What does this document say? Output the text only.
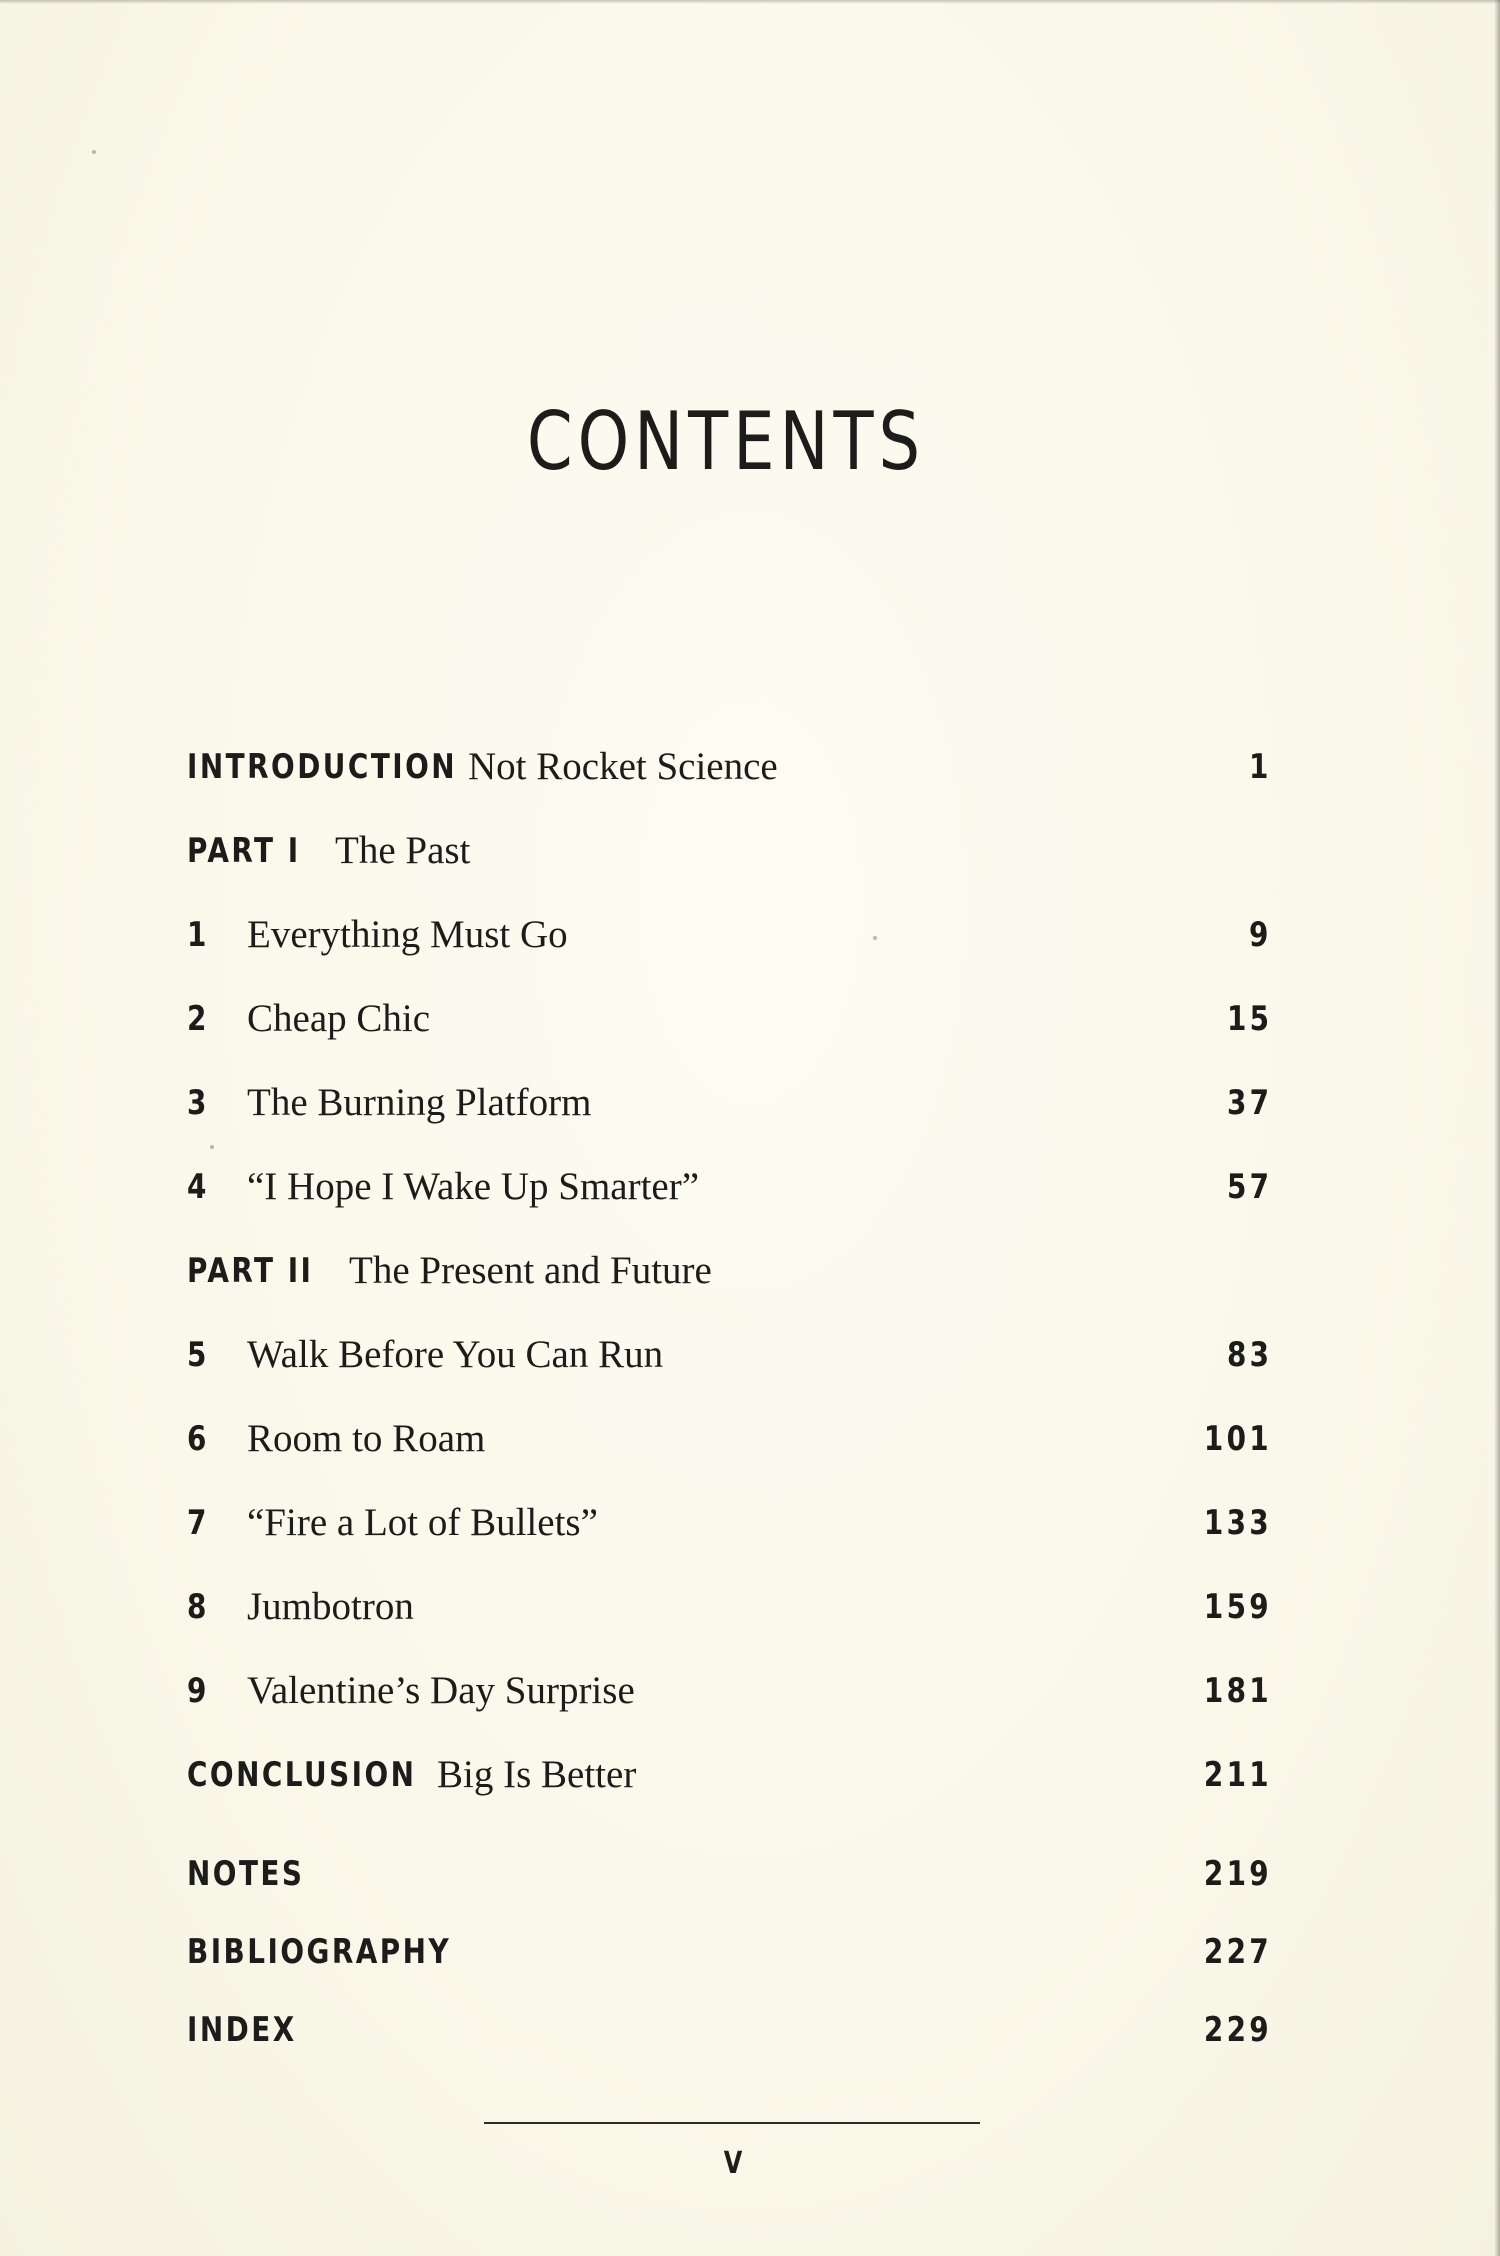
CONTENTS
INTRODUCTION Not Rocket Science	1
PART I The Past
1 Everything Must Go	9
2 Cheap Chic	15
3 The Burning Platform	37
4 “I Hope I Wake Up Smarter”	57
PART II The Present and Future
5 Walk Before You Can Run	83
6 Room to Roam	101
7 “Fire a Lot of Bullets”	133
8 Jumbotron	159
9 Valentine’s Day Surprise	181
CONCLUSION Big Is Better	211
NOTES	219
BIBLIOGRAPHY	227
INDEX	229
V
